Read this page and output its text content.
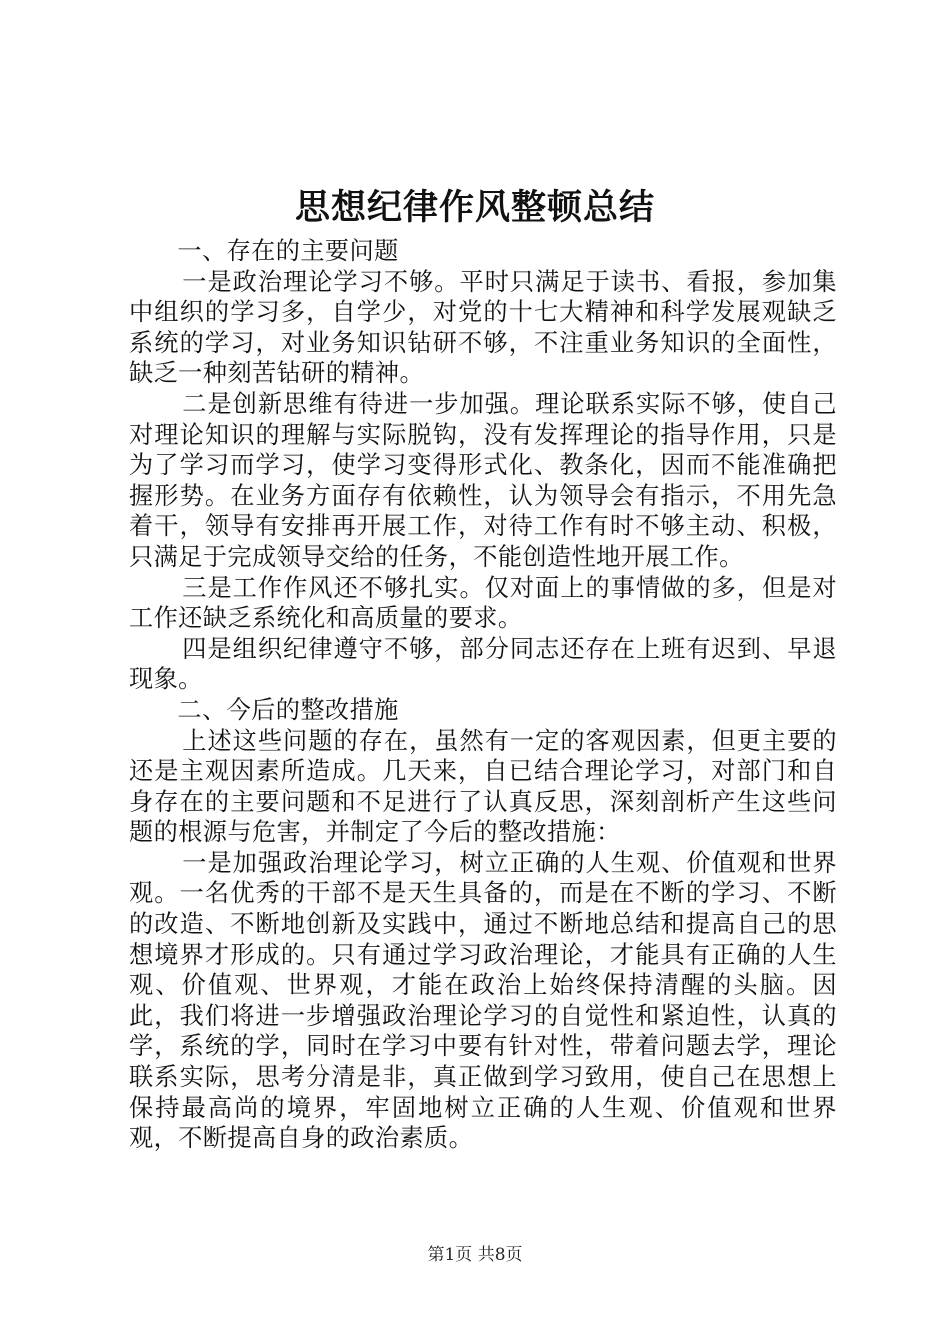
思想纪律作风整顿总结

一、存在的主要问题

一是政治理论学习不够。平时只满足于读书、看报，参加集中组织的学习多，自学少，对党的十七大精神和科学发展观缺乏系统的学习，对业务知识钻研不够，不注重业务知识的全面性，缺乏一种刻苦钻研的精神。

二是创新思维有待进一步加强。理论联系实际不够，使自己对理论知识的理解与实际脱钩，没有发挥理论的指导作用，只是为了学习而学习，使学习变得形式化、教条化，因而不能准确把握形势。在业务方面存有依赖性，认为领导会有指示，不用先急着干，领导有安排再开展工作，对待工作有时不够主动、积极，只满足于完成领导交给的任务，不能创造性地开展工作。

三是工作作风还不够扎实。仅对面上的事情做的多，但是对工作还缺乏系统化和高质量的要求。

四是组织纪律遵守不够，部分同志还存在上班有迟到、早退现象。

二、今后的整改措施

上述这些问题的存在，虽然有一定的客观因素，但更主要的还是主观因素所造成。几天来，自已结合理论学习，对部门和自身存在的主要问题和不足进行了认真反思，深刻剖析产生这些问题的根源与危害，并制定了今后的整改措施：

一是加强政治理论学习，树立正确的人生观、价值观和世界观。一名优秀的干部不是天生具备的，而是在不断的学习、不断的改造、不断地创新及实践中，通过不断地总结和提高自己的思想境界才形成的。只有通过学习政治理论，才能具有正确的人生观、价值观、世界观，才能在政治上始终保持清醒的头脑。因此，我们将进一步增强政治理论学习的自觉性和紧迫性，认真的学，系统的学，同时在学习中要有针对性，带着问题去学，理论联系实际，思考分清是非，真正做到学习致用，使自己在思想上保持最高尚的境界，牢固地树立正确的人生观、价值观和世界观，不断提高自身的政治素质。

第1页 共8页
